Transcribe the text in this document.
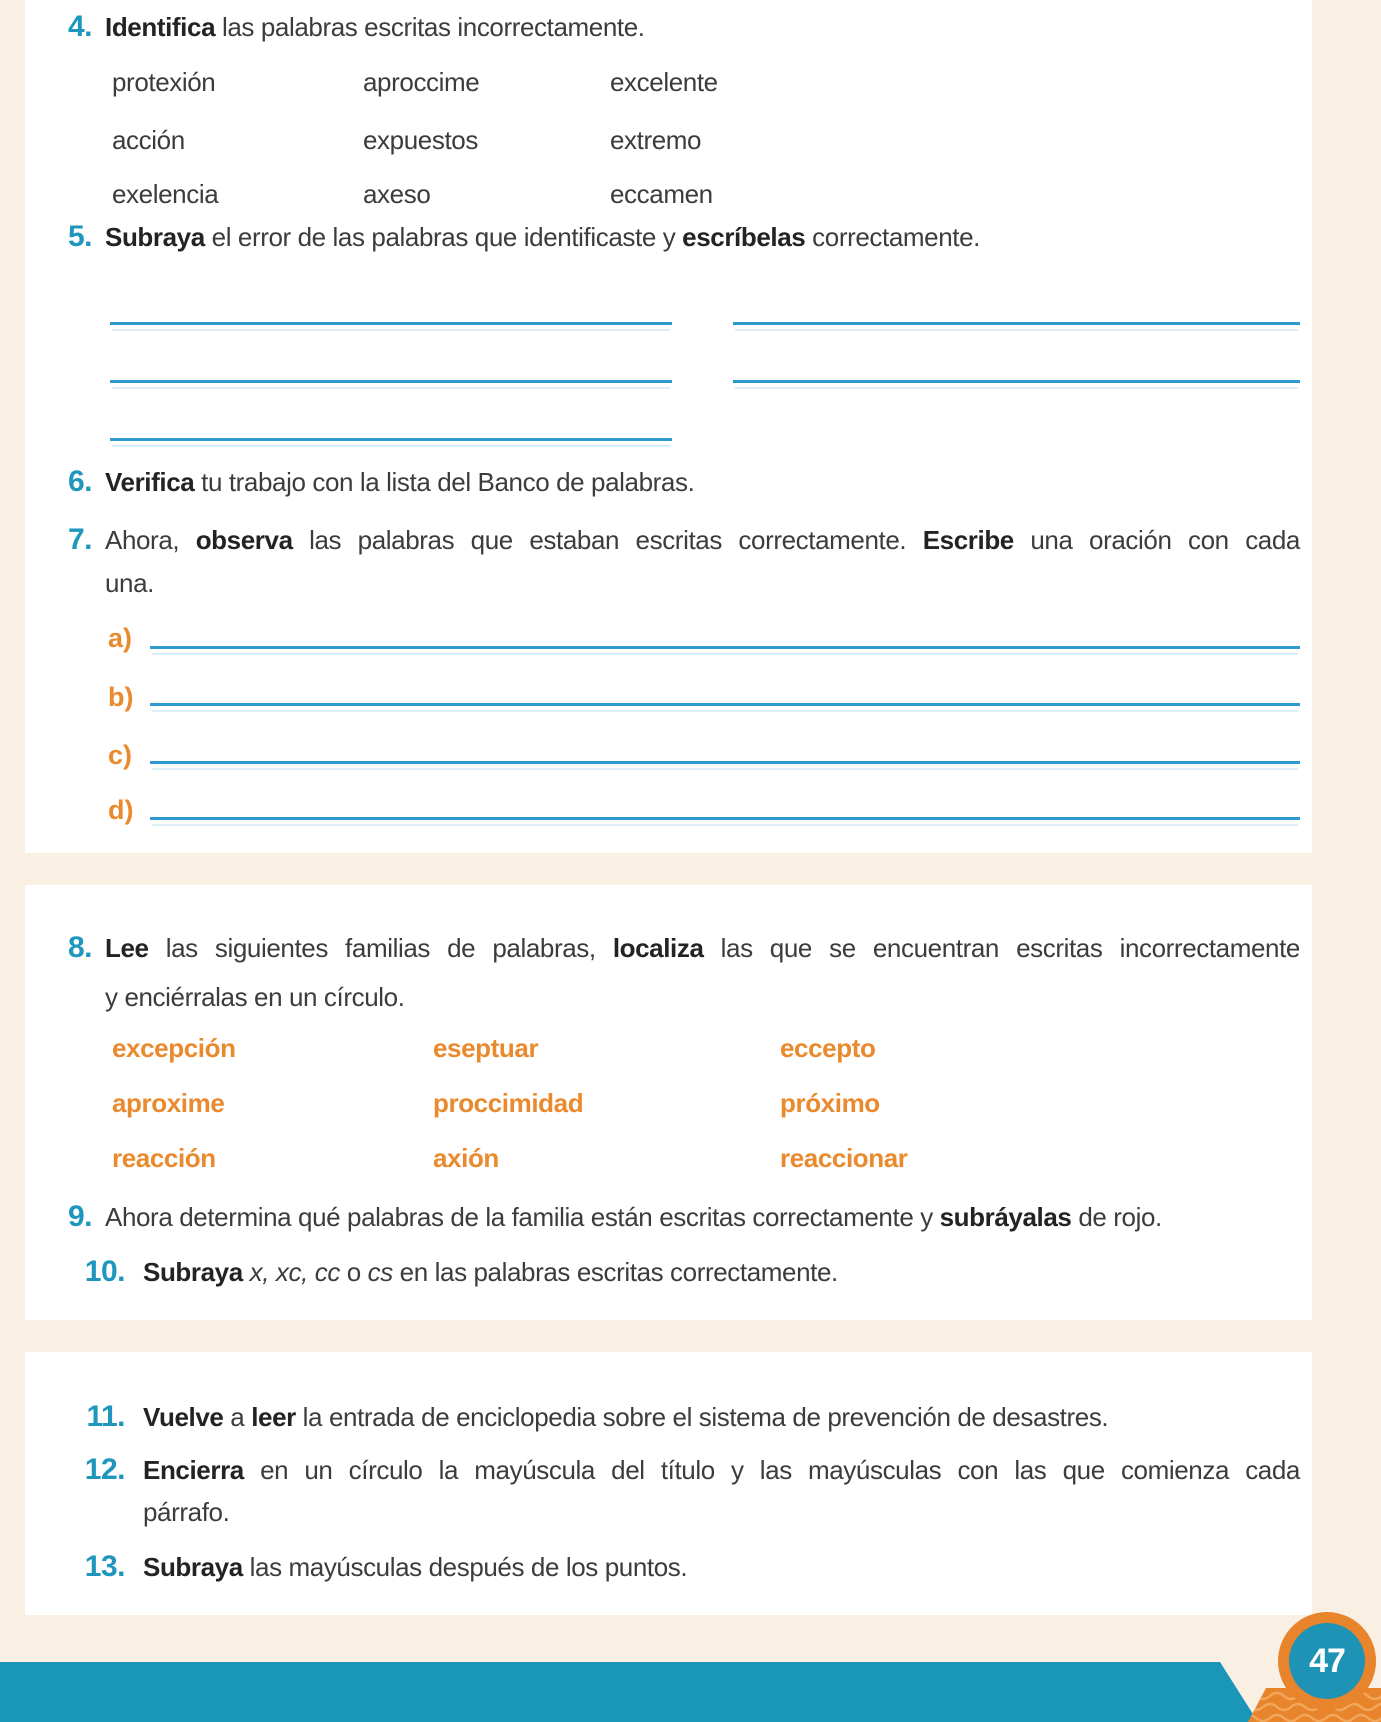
4. Identifica las palabras escritas incorrectamente.
protexión	aproccime	excelente
acción	expuestos	extremo
exelencia	axeso	eccamen
5. Subraya el error de las palabras que identificaste y escríbelas correctamente.
6. Verifica tu trabajo con la lista del Banco de palabras.
7. Ahora, observa las palabras que estaban escritas correctamente. Escribe una oración con cada
una.
a)
b)
c)
d)
8. Lee las siguientes familias de palabras, localiza las que se encuentran escritas incorrectamente
y enciérralas en un círculo.
excepción	eseptuar	eccepto
aproxime	proccimidad	próximo
reacción	axión	reaccionar
9. Ahora determina qué palabras de la familia están escritas correctamente y subráyalas de rojo.
10. Subraya x, xc, cc o cs en las palabras escritas correctamente.
11. Vuelve a leer la entrada de enciclopedia sobre el sistema de prevención de desastres.
12. Encierra en un círculo la mayúscula del título y las mayúsculas con las que comienza cada
párrafo.
13. Subraya las mayúsculas después de los puntos.
47
